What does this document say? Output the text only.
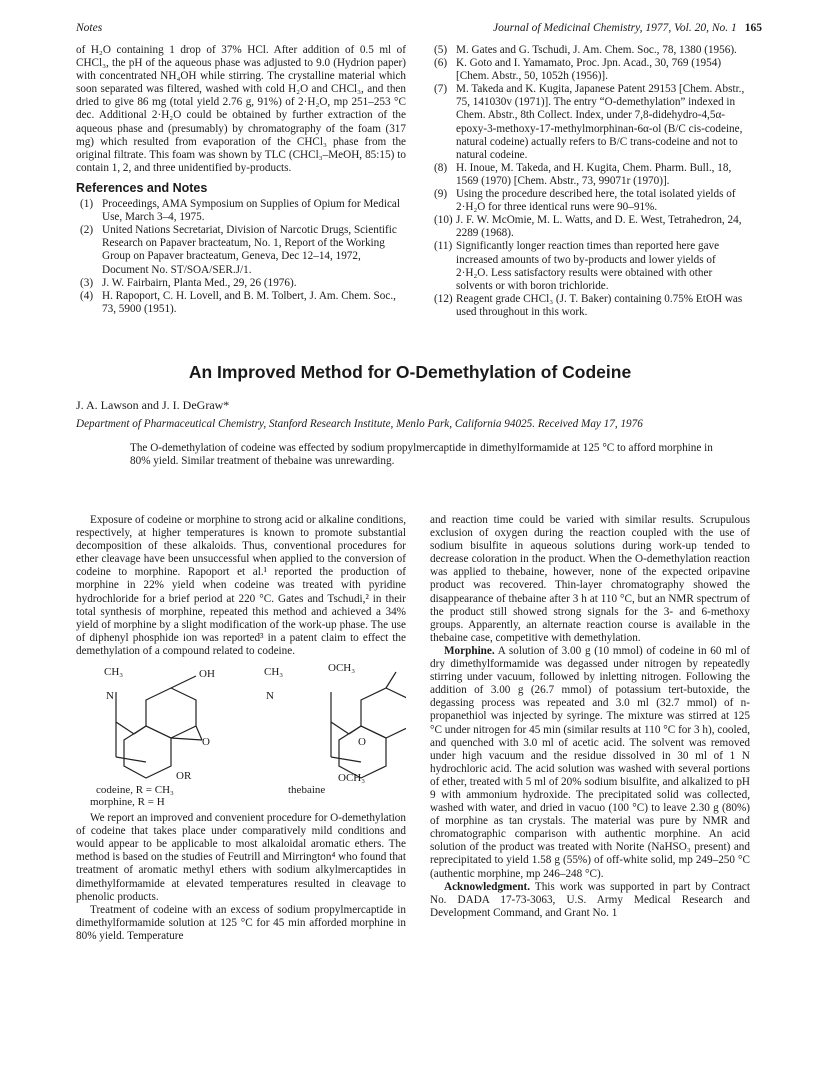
Notes	Journal of Medicinal Chemistry, 1977, Vol. 20, No. 1 165

of H₂O containing 1 drop of 37% HCl. After addition of 0.5 ml of CHCl₃, the pH of the aqueous phase was adjusted to 9.0 (Hydrion paper) with concentrated NH₄OH while stirring. The crystalline material which soon separated was filtered, washed with cold H₂O and CHCl₃, and then dried to give 86 mg (total yield 2.76 g, 91%) of 2·H₂O, mp 251–253 °C dec. Additional 2·H₂O could be obtained by further extraction of the aqueous phase and (presumably) by chromatography of the foam (317 mg) which resulted from evaporation of the CHCl₃ phase from the original filtrate. This foam was shown by TLC (CHCl₃–MeOH, 85:15) to contain 1, 2, and three unidentified by-products.

References and Notes
(1) Proceedings, AMA Symposium on Supplies of Opium for Medical Use, March 3–4, 1975.
(2) United Nations Secretariat, Division of Narcotic Drugs, Scientific Research on Papaver bracteatum, No. 1, Report of the Working Group on Papaver bracteatum, Geneva, Dec 12–14, 1972, Document No. ST/SOA/SER.J/1.
(3) J. W. Fairbairn, Planta Med., 29, 26 (1976).
(4) H. Rapoport, C. H. Lovell, and B. M. Tolbert, J. Am. Chem. Soc., 73, 5900 (1951).
(5) M. Gates and G. Tschudi, J. Am. Chem. Soc., 78, 1380 (1956).
(6) K. Goto and I. Yamamato, Proc. Jpn. Acad., 30, 769 (1954) [Chem. Abstr., 50, 1052h (1956)].
(7) M. Takeda and K. Kugita, Japanese Patent 29153 [Chem. Abstr., 75, 141030v (1971)]. The entry “O-demethylation” indexed in Chem. Abstr., 8th Collect. Index, under 7,8-didehydro-4,5α-epoxy-3-methoxy-17-methylmorphinan-6α-ol (B/C cis-codeine, natural codeine) actually refers to B/C trans-codeine and not to natural codeine.
(8) H. Inoue, M. Takeda, and H. Kugita, Chem. Pharm. Bull., 18, 1569 (1970) [Chem. Abstr., 73, 99071r (1970)].
(9) Using the procedure described here, the total isolated yields of 2·H₂O for three identical runs were 90–91%.
(10) J. F. W. McOmie, M. L. Watts, and D. E. West, Tetrahedron, 24, 2289 (1968).
(11) Significantly longer reaction times than reported here gave increased amounts of two by-products and lower yields of 2·H₂O. Less satisfactory results were obtained with other solvents or with boron trichloride.
(12) Reagent grade CHCl₃ (J. T. Baker) containing 0.75% EtOH was used throughout in this work.
An Improved Method for O-Demethylation of Codeine
J. A. Lawson and J. I. DeGraw*
Department of Pharmaceutical Chemistry, Stanford Research Institute, Menlo Park, California 94025. Received May 17, 1976
The O-demethylation of codeine was effected by sodium propylmercaptide in dimethylformamide at 125 °C to afford morphine in 80% yield. Similar treatment of thebaine was unrewarding.

Exposure of codeine or morphine to strong acid or alkaline conditions, respectively, at higher temperatures is known to promote substantial decomposition of these alkaloids. Thus, conventional procedures for ether cleavage have been unsuccessful when applied to the conversion of codeine to morphine. Rapoport et al.¹ reported the production of morphine in 22% yield when codeine was treated with pyridine hydrochloride for a brief period at 220 °C. Gates and Tschudi,² in their total synthesis of morphine, repeated this method and achieved a 34% yield of morphine by a slight modification of the work-up phase. The use of diphenyl phosphide ion was reported³ in a patent claim to effect the demethylation of a compound related to codeine.

CH₃
N
OH
O
OR
codeine, R = CH₃
morphine, R = H
CH₃
N
OCH₃
O
OCH₃
thebaine

We report an improved and convenient procedure for O-demethylation of codeine that takes place under comparatively mild conditions and would appear to be applicable to most alkaloidal aromatic ethers. The method is based on the studies of Feutrill and Mirrington⁴ who found that treatment of aromatic methyl ethers with sodium alkylmercaptides in dimethylformamide at elevated temperatures resulted in cleavage to phenolic products.

Treatment of codeine with an excess of sodium propylmercaptide in dimethylformamide solution at 125 °C for 45 min afforded morphine in 80% yield. Temperature

and reaction time could be varied with similar results. Scrupulous exclusion of oxygen during the reaction coupled with the use of sodium bisulfite in aqueous solutions during work-up tended to decrease coloration in the product. When the O-demethylation reaction was applied to thebaine, however, none of the expected oripavine product was recovered. Thin-layer chromatography showed the disappearance of thebaine after 3 h at 110 °C, but an NMR spectrum of the product still showed strong signals for the 3- and 6-methoxy groups. Apparently, an alternate reaction course is available in the thebaine case, competitive with demethylation.

Morphine. A solution of 3.00 g (10 mmol) of codeine in 60 ml of dry dimethylformamide was degassed under nitrogen by repeatedly stirring under vacuum, followed by inletting nitrogen. Following the addition of 3.00 g (26.7 mmol) of potassium tert-butoxide, the degassing process was repeated and 3.0 ml (32.7 mmol) of n-propanethiol was injected by syringe. The mixture was stirred at 125 °C under nitrogen for 45 min (similar results at 110 °C for 3 h), cooled, and quenched with 3.0 ml of acetic acid. The solvent was removed under high vacuum and the residue dissolved in 30 ml of 1 N hydrochloric acid. The acid solution was washed with several portions of ether, treated with 5 ml of 20% sodium bisulfite, and alkalized to pH 9 with ammonium hydroxide. The precipitated solid was collected, washed with water, and dried in vacuo (100 °C) to leave 2.30 g (80%) of morphine as tan crystals. The material was pure by NMR and chromatographic comparison with authentic morphine. An acid solution of the product was treated with Norite (NaHSO₃ present) and reprecipitated to yield 1.58 g (55%) of off-white solid, mp 249–250 °C (authentic morphine, mp 246–248 °C).

Acknowledgment. This work was supported in part by Contract No. DADA 17-73-3063, U.S. Army Medical Research and Development Command, and Grant No. 1
